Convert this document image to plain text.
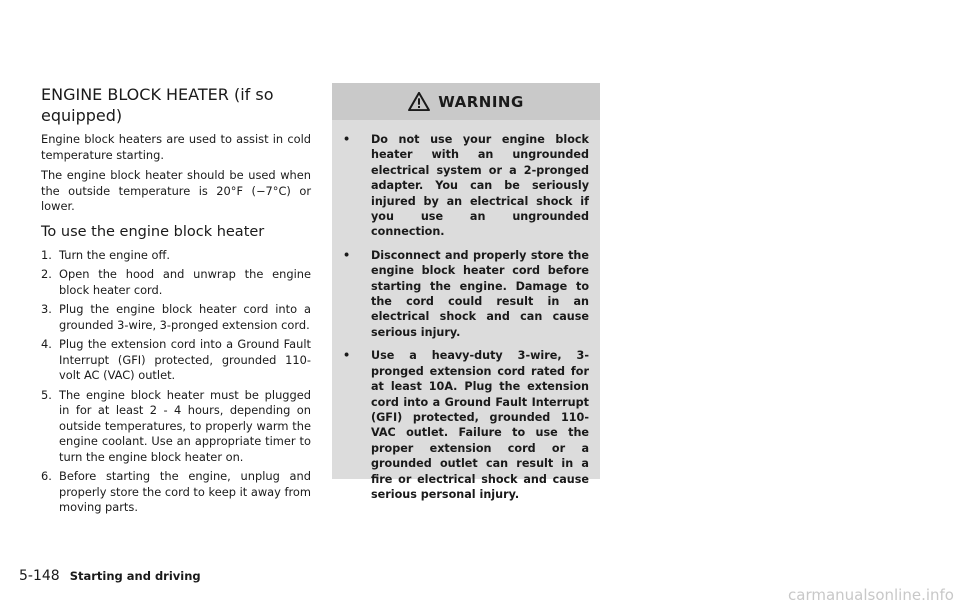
ENGINE BLOCK HEATER (if so equipped)

Engine block heaters are used to assist in cold temperature starting.

The engine block heater should be used when the outside temperature is 20°F (−7°C) or lower.

To use the engine block heater
1. Turn the engine off.
2. Open the hood and unwrap the engine block heater cord.
3. Plug the engine block heater cord into a grounded 3-wire, 3-pronged extension cord.
4. Plug the extension cord into a Ground Fault Interrupt (GFI) protected, grounded 110-volt AC (VAC) outlet.
5. The engine block heater must be plugged in for at least 2 - 4 hours, depending on outside temperatures, to properly warm the engine coolant. Use an appropriate timer to turn the engine block heater on.
6. Before starting the engine, unplug and properly store the cord to keep it away from moving parts.
WARNING
•	Do not use your engine block heater with an ungrounded electrical system or a 2-pronged adapter. You can be seriously injured by an electrical shock if you use an ungrounded connection.
•	Disconnect and properly store the engine block heater cord before starting the engine. Damage to the cord could result in an electrical shock and can cause serious injury.
•	Use a heavy-duty 3-wire, 3-pronged extension cord rated for at least 10A. Plug the extension cord into a Ground Fault Interrupt (GFI) protected, grounded 110-VAC outlet. Failure to use the proper extension cord or a grounded outlet can result in a fire or electrical shock and cause serious personal injury.
5-148 Starting and driving
carmanualsonline.info
